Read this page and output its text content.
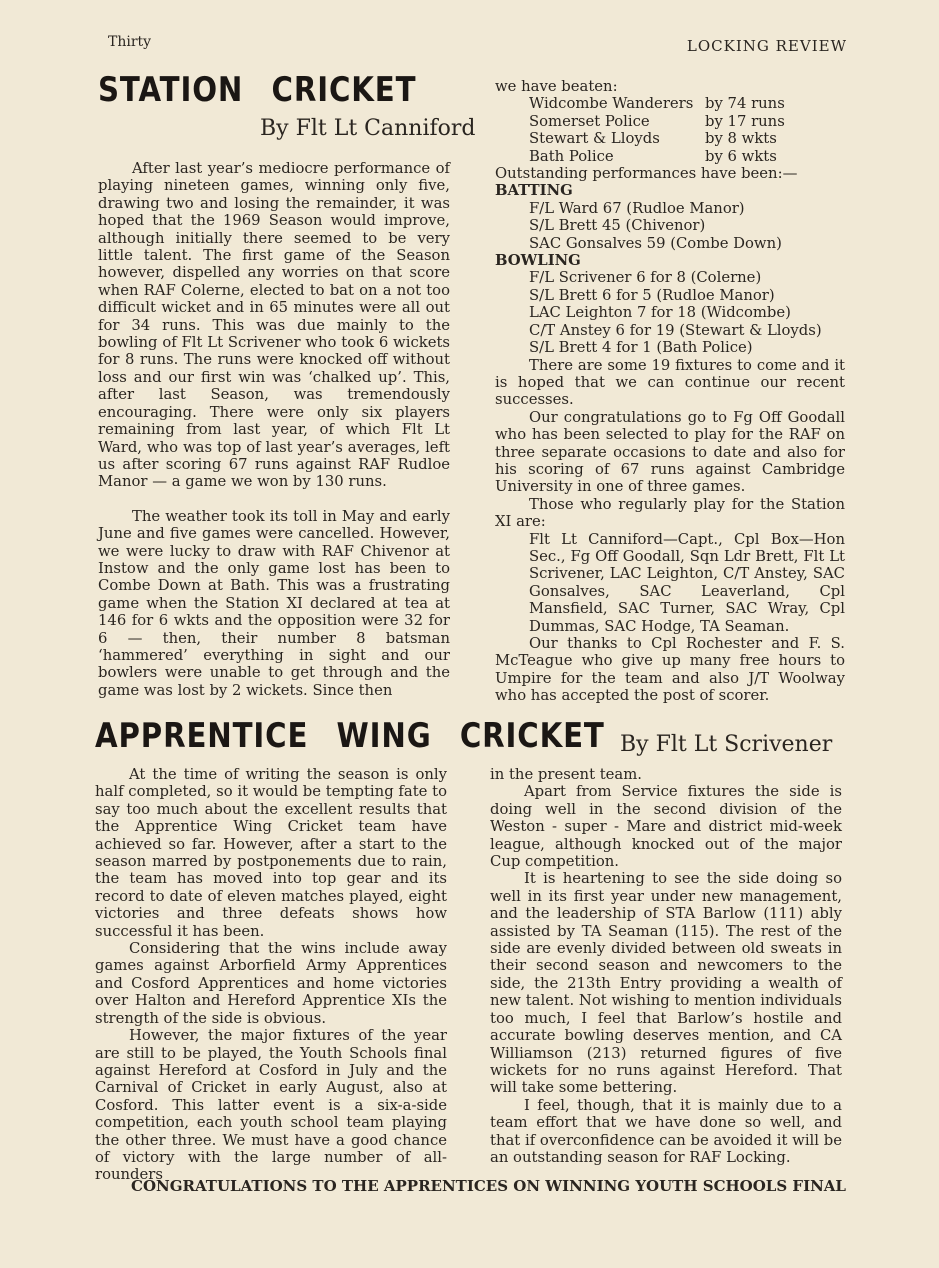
Thirty	LOCKING REVIEW
STATION CRICKET
By Flt Lt Canniford

After last year’s mediocre performance of playing nineteen games, winning only five, drawing two and losing the remainder, it was hoped that the 1969 Season would improve, although initially there seemed to be very little talent. The first game of the Season however, dispelled any worries on that score when RAF Colerne, elected to bat on a not too difficult wicket and in 65 minutes were all out for 34 runs. This was due mainly to the bowling of Flt Lt Scrivener who took 6 wickets for 8 runs. The runs were knocked off without loss and our first win was ‘chalked up’. This, after last Season, was tremendously encouraging. There were only six players remaining from last year, of which Flt Lt Ward, who was top of last year’s averages, left us after scoring 67 runs against RAF Rudloe Manor — a game we won by 130 runs.

The weather took its toll in May and early June and five games were cancelled. However, we were lucky to draw with RAF Chivenor at Instow and the only game lost has been to Combe Down at Bath. This was a frustrating game when the Station XI declared at tea at 146 for 6 wkts and the opposition were 32 for 6 — then, their number 8 batsman ‘hammered’ everything in sight and our bowlers were unable to get through and the game was lost by 2 wickets. Since then

we have beaten:

Widcombe Wanderers by 74 runs
Somerset Police	by 17 runs
Stewart & Lloyds	by 8 wkts
Bath Police	by 6 wkts

Outstanding performances have been:—

BATTING

F/L Ward 67 (Rudloe Manor)

S/L Brett 45 (Chivenor)

SAC Gonsalves 59 (Combe Down)

BOWLING

F/L Scrivener 6 for 8 (Colerne)

S/L Brett 6 for 5 (Rudloe Manor)

LAC Leighton 7 for 18 (Widcombe)

C/T Anstey 6 for 19 (Stewart & Lloyds)

S/L Brett 4 for 1 (Bath Police)

There are some 19 fixtures to come and it is hoped that we can continue our recent successes.

Our congratulations go to Fg Off Goodall who has been selected to play for the RAF on three separate occasions to date and also for his scoring of 67 runs against Cambridge University in one of three games.

Those who regularly play for the Station XI are:

Flt Lt Canniford—Capt., Cpl Box—Hon Sec., Fg Off Goodall, Sqn Ldr Brett, Flt Lt Scrivener, LAC Leighton, C/T Anstey, SAC Gonsalves, SAC Leaverland, Cpl Mansfield, SAC Turner, SAC Wray, Cpl Dummas, SAC Hodge, TA Seaman.

Our thanks to Cpl Rochester and F. S. McTeague who give up many free hours to Umpire for the team and also J/T Woolway who has accepted the post of scorer.

APPRENTICE WING CRICKET By Flt Lt Scrivener

At the time of writing the season is only half completed, so it would be tempting fate to say too much about the excellent results that the Apprentice Wing Cricket team have achieved so far. However, after a start to the season marred by postponements due to rain, the team has moved into top gear and its record to date of eleven matches played, eight victories and three defeats shows how successful it has been.

Considering that the wins include away games against Arborfield Army Apprentices and Cosford Apprentices and home victories over Halton and Hereford Apprentice XIs the strength of the side is obvious.

However, the major fixtures of the year are still to be played, the Youth Schools final against Hereford at Cosford in July and the Carnival of Cricket in early August, also at Cosford. This latter event is a six-a-side competition, each youth school team playing the other three. We must have a good chance of victory with the large number of all-rounders

in the present team.

Apart from Service fixtures the side is doing well in the second division of the Weston - super - Mare and district mid-week league, although knocked out of the major Cup competition.

It is heartening to see the side doing so well in its first year under new management, and the leadership of STA Barlow (111) ably assisted by TA Seaman (115). The rest of the side are evenly divided between old sweats in their second season and newcomers to the side, the 213th Entry providing a wealth of new talent. Not wishing to mention individuals too much, I feel that Barlow’s hostile and accurate bowling deserves mention, and CA Williamson (213) returned figures of five wickets for no runs against Hereford. That will take some bettering.

I feel, though, that it is mainly due to a team effort that we have done so well, and that if overconfidence can be avoided it will be an outstanding season for RAF Locking.

CONGRATULATIONS TO THE APPRENTICES ON WINNING YOUTH SCHOOLS FINAL
